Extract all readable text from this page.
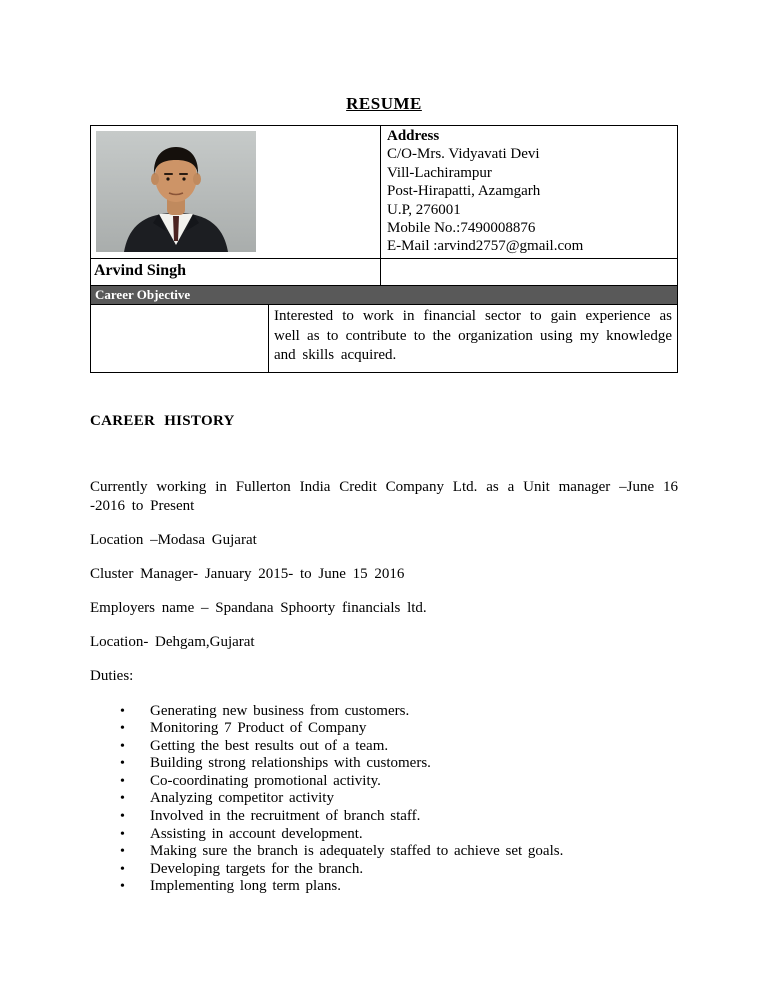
RESUME
Address
C/O-Mrs. Vidyavati Devi
Vill-Lachirampur
Post-Hirapatti, Azamgarh
U.P, 276001
Mobile No.:7490008876
E-Mail :arvind2757@gmail.com
Arvind Singh
Career Objective
Interested to work in financial sector to gain experience as well as to contribute to the organization using my knowledge and skills acquired.
CAREER HISTORY

Currently working in Fullerton India Credit Company Ltd. as a Unit manager –June 16 -2016 to Present

Location –Modasa Gujarat

Cluster Manager- January 2015- to June 15 2016

Employers name – Spandana Sphoorty financials ltd.

Location- Dehgam,Gujarat

Duties:

•
Generating new business from customers.
•
Monitoring 7 Product of Company
•
Getting the best results out of a team.
•
Building strong relationships with customers.
•
Co-coordinating promotional activity.
•
Analyzing competitor activity
•
Involved in the recruitment of branch staff.
•
Assisting in account development.
•
Making sure the branch is adequately staffed to achieve set goals.
•
Developing targets for the branch.
•
Implementing long term plans.
